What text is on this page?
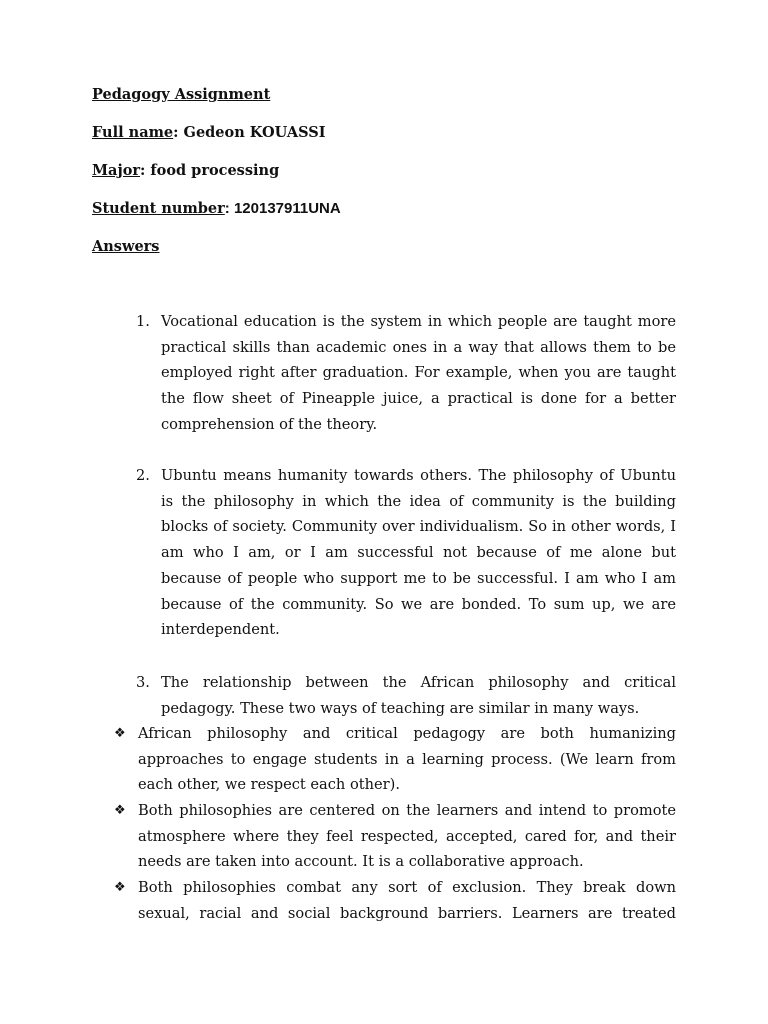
Pedagogy Assignment
Full name: Gedeon KOUASSI
Major: food processing
Student number: 120137911UNA
Answers
1. Vocational education is the system in which people are taught more practical skills than academic ones in a way that allows them to be employed right after graduation. For example, when you are taught the flow sheet of Pineapple juice, a practical is done for a better comprehension of the theory.
2. Ubuntu means humanity towards others. The philosophy of Ubuntu is the philosophy in which the idea of community is the building blocks of society. Community over individualism. So in other words, I am who I am, or I am successful not because of me alone but because of people who support me to be successful. I am who I am because of the community. So we are bonded. To sum up, we are interdependent.
3. The relationship between the African philosophy and critical pedagogy. These two ways of teaching are similar in many ways.
❖ African philosophy and critical pedagogy are both humanizing approaches to engage students in a learning process. (We learn from each other, we respect each other).
❖ Both philosophies are centered on the learners and intend to promote atmosphere where they feel respected, accepted, cared for, and their needs are taken into account. It is a collaborative approach.
❖ Both philosophies combat any sort of exclusion. They break down sexual, racial and social background barriers. Learners are treated
